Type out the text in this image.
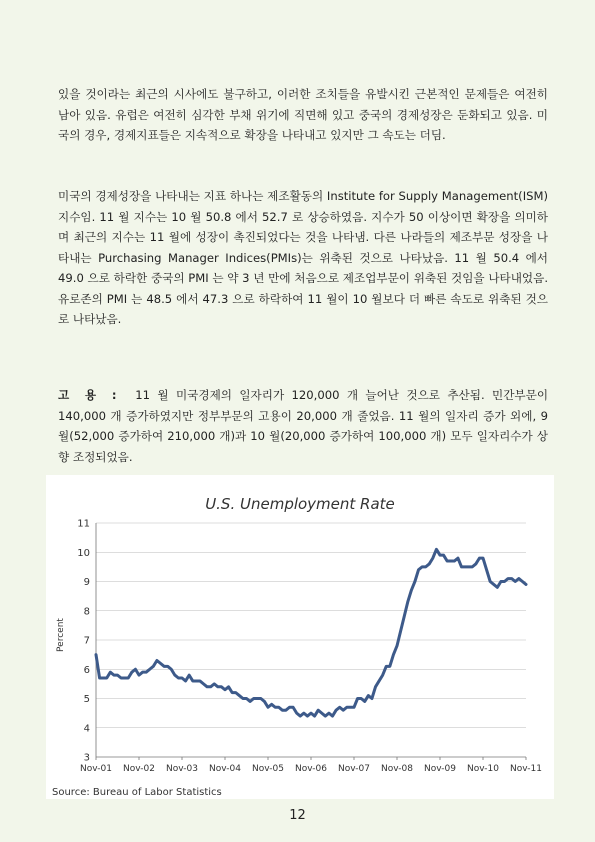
있을 것이라는 최근의 시사에도 불구하고, 이러한 조치들을 유발시킨 근본적인 문제들은 여전히 남아 있음. 유럽은 여전히 심각한 부채 위기에 직면해 있고 중국의 경제성장은 둔화되고 있음. 미국의 경우, 경제지표들은 지속적으로 확장을 나타내고 있지만 그 속도는 더딤.

미국의 경제성장을 나타내는 지표 하나는 제조활동의 Institute for Supply Management(ISM) 지수임. 11 월 지수는 10 월 50.8 에서 52.7 로 상승하였음. 지수가 50 이상이면 확장을 의미하며 최근의 지수는 11 월에 성장이 촉진되었다는 것을 나타냄. 다른 나라들의 제조부문 성장을 나타내는 Purchasing Manager Indices(PMIs)는 위축된 것으로 나타났음. 11 월 50.4 에서 49.0 으로 하락한 중국의 PMI 는 약 3 년 만에 처음으로 제조업부문이 위축된 것임을 나타내었음. 유로존의 PMI 는 48.5 에서 47.3 으로 하락하여 11 월이 10 월보다 더 빠른 속도로 위축된 것으로 나타났음.

고 용 : 11 월 미국경제의 일자리가 120,000 개 늘어난 것으로 추산됨. 민간부문이 140,000 개 증가하였지만 정부부문의 고용이 20,000 개 줄었음. 11 월의 일자리 증가 외에, 9 월(52,000 증가하여 210,000 개)과 10 월(20,000 증가하여 100,000 개) 모두 일자리수가 상향 조정되었음.

U.S. Unemployment Rate
3
4
5
6
7
8
9
10
11
Nov-01 Nov-02 Nov-03 Nov-04 Nov-05 Nov-06 Nov-07 Nov-08 Nov-09 Nov-10 Nov-11
Percent
Source: Bureau of Labor Statistics
12
